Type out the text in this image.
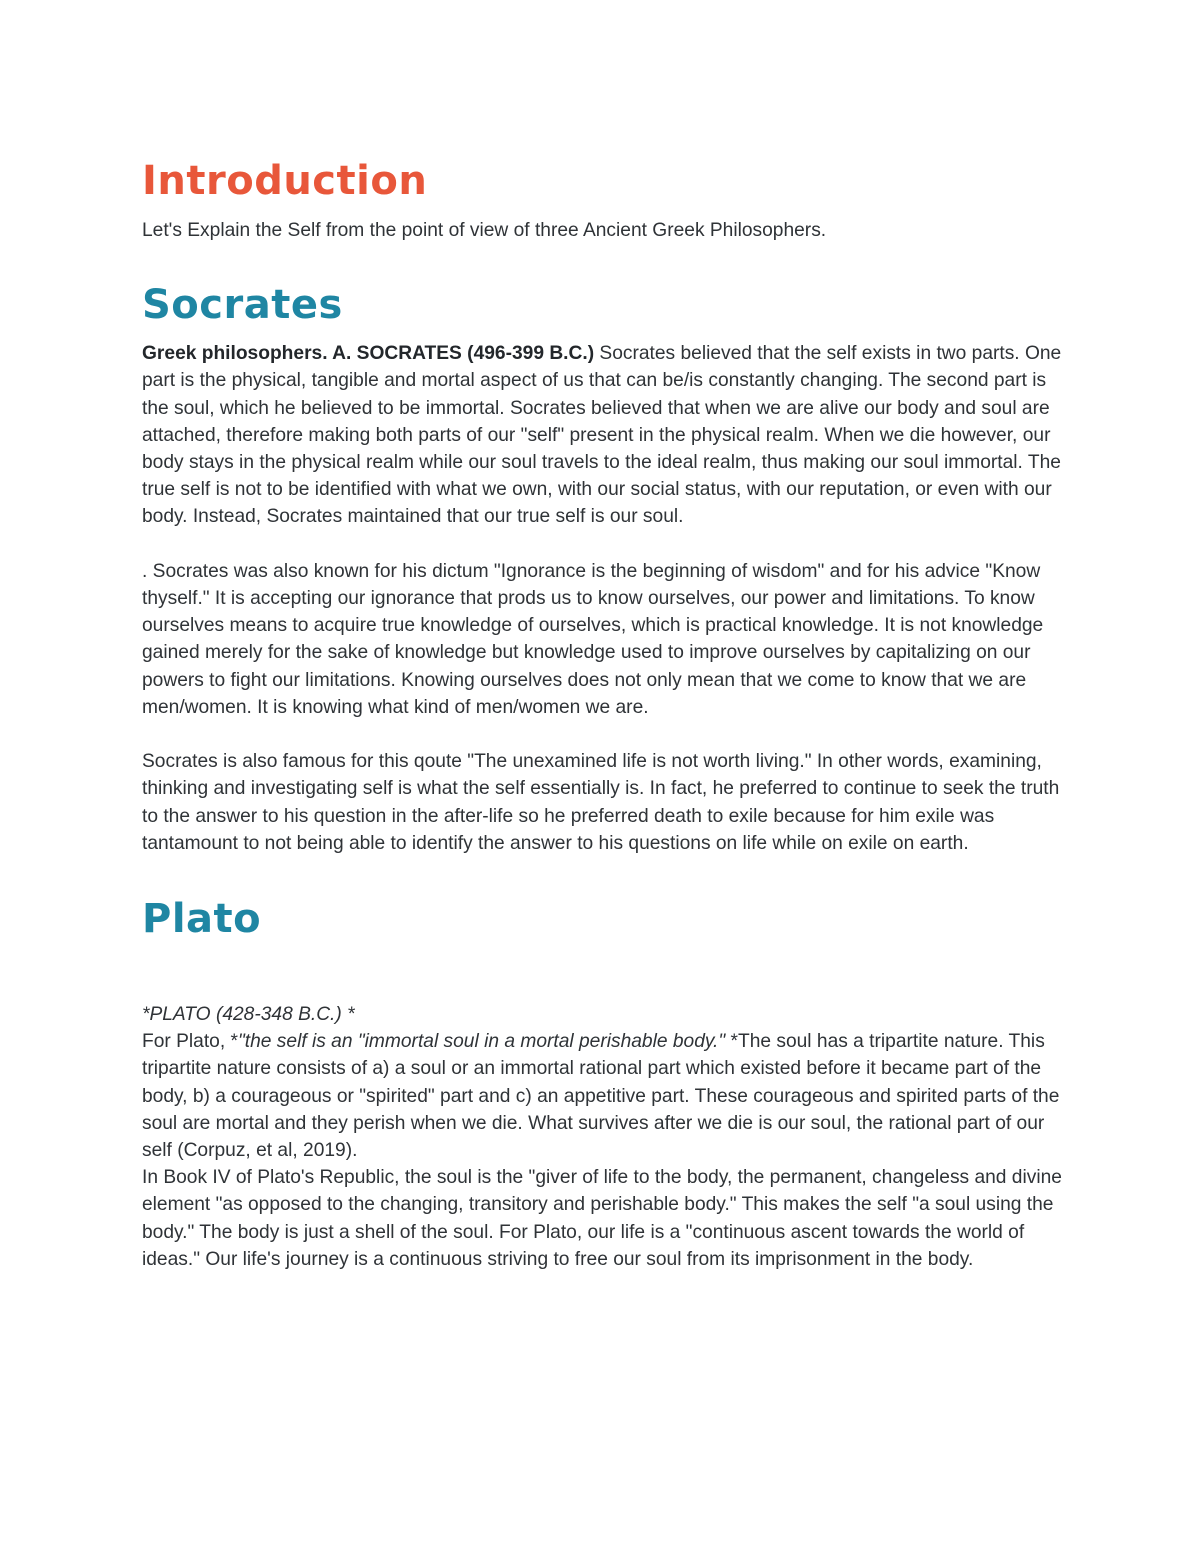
Introduction

Let's Explain the Self from the point of view of three Ancient Greek Philosophers.

Socrates

Greek philosophers. A. SOCRATES (496-399 B.C.) Socrates believed that the self exists in two parts. One part is the physical, tangible and mortal aspect of us that can be/is constantly changing. The second part is the soul, which he believed to be immortal. Socrates believed that when we are alive our body and soul are attached, therefore making both parts of our "self" present in the physical realm. When we die however, our body stays in the physical realm while our soul travels to the ideal realm, thus making our soul immortal. The true self is not to be identified with what we own, with our social status, with our reputation, or even with our body. Instead, Socrates maintained that our true self is our soul.

. Socrates was also known for his dictum "Ignorance is the beginning of wisdom" and for his advice "Know thyself." It is accepting our ignorance that prods us to know ourselves, our power and limitations. To know ourselves means to acquire true knowledge of ourselves, which is practical knowledge. It is not knowledge gained merely for the sake of knowledge but knowledge used to improve ourselves by capitalizing on our powers to fight our limitations. Knowing ourselves does not only mean that we come to know that we are men/women. It is knowing what kind of men/women we are.

Socrates is also famous for this qoute "The unexamined life is not worth living." In other words, examining, thinking and investigating self is what the self essentially is. In fact, he preferred to continue to seek the truth to the answer to his question in the after-life so he preferred death to exile because for him exile was tantamount to not being able to identify the answer to his questions on life while on exile on earth.

Plato

*PLATO (428-348 B.C.) *

For Plato, *"the self is an "immortal soul in a mortal perishable body." *The soul has a tripartite nature. This tripartite nature consists of a) a soul or an immortal rational part which existed before it became part of the body, b) a courageous or "spirited" part and c) an appetitive part. These courageous and spirited parts of the soul are mortal and they perish when we die. What survives after we die is our soul, the rational part of our self (Corpuz, et al, 2019).

In Book IV of Plato's Republic, the soul is the "giver of life to the body, the permanent, changeless and divine element "as opposed to the changing, transitory and perishable body." This makes the self "a soul using the body." The body is just a shell of the soul. For Plato, our life is a "continuous ascent towards the world of ideas." Our life's journey is a continuous striving to free our soul from its imprisonment in the body.
